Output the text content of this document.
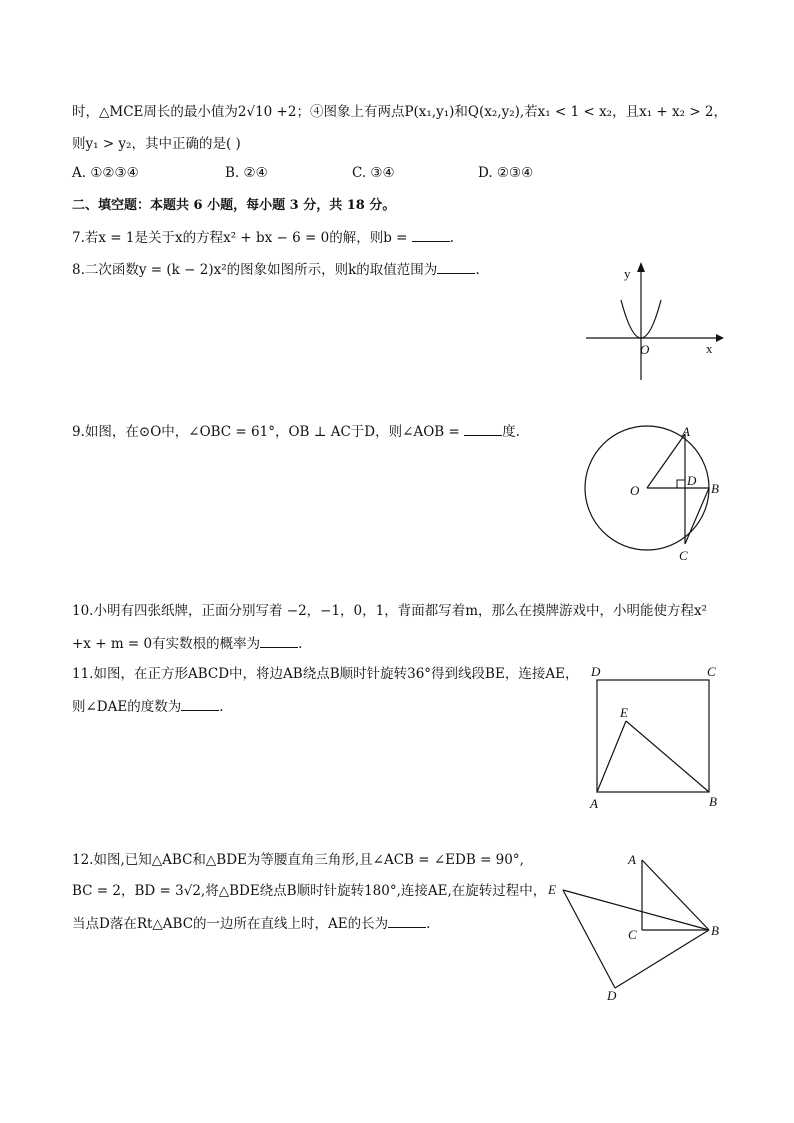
时，△MCE周长的最小值为2√10 +2；④图象上有两点P(x₁,y₁)和Q(x₂,y₂),若x₁ < 1 < x₂，且x₁ + x₂ > 2，
则y₁ > y₂，其中正确的是( )
A. ①②③④	B. ②④	C. ③④	D. ②③④
二、填空题：本题共 6 小题，每小题 3 分，共 18 分。
7.若x = 1是关于x的方程x² + bx − 6 = 0的解，则b =	.
8.二次函数y = (k − 2)x²的图象如图所示，则k的取值范围为	.	y
x
O
9.如图，在⊙O中，∠OBC = 61°，OB ⊥ AC于D，则∠AOB =	度.	A
B
C
D
O
10.小明有四张纸牌，正面分别写着 −2，−1，0，1，背面都写着m，那么在摸牌游戏中，小明能使方程x²
+x + m = 0有实数根的概率为	.
11.如图，在正方形ABCD中，将边AB绕点B顺时针旋转36°得到线段BE，连接AE，
则∠DAE的度数为	.
A	B
C
D
E
12.如图,已知△ABC和△BDE为等腰直角三角形,且∠ACB = ∠EDB = 90°,
BC = 2，BD = 3√2,将△BDE绕点B顺时针旋转180°,连接AE,在旋转过程中，
当点D落在Rt△ABC的一边所在直线上时，AE的长为	.
A
B
C
D
E
